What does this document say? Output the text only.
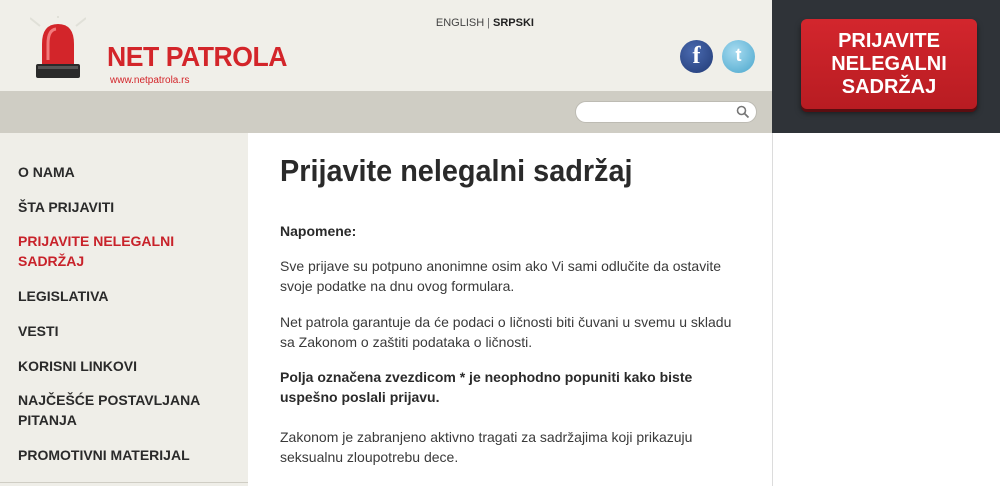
NET PATROLA
www.netpatrola.rs
ENGLISH | SRPSKI
f	t
PRIJAVITE NELEGALNI SADRŽAJ
O NAMA
ŠTA PRIJAVITI
PRIJAVITE NELEGALNI SADRŽAJ
LEGISLATIVA
VESTI
KORISNI LINKOVI
NAJČEŠĆE POSTAVLJANA PITANJA
PROMOTIVNI MATERIJAL
Prijavite nelegalni sadržaj
Napomene:
Sve prijave su potpuno anonimne osim ako Vi sami odlučite da ostavite svoje podatke na dnu ovog formulara.
Net patrola garantuje da će podaci o ličnosti biti čuvani u svemu u skladu sa Zakonom o zaštiti podataka o ličnosti.
Polja označena zvezdicom * je neophodno popuniti kako biste uspešno poslali prijavu.
Zakonom je zabranjeno aktivno tragati za sadržajima koji prikazuju seksualnu zloupotrebu dece.
